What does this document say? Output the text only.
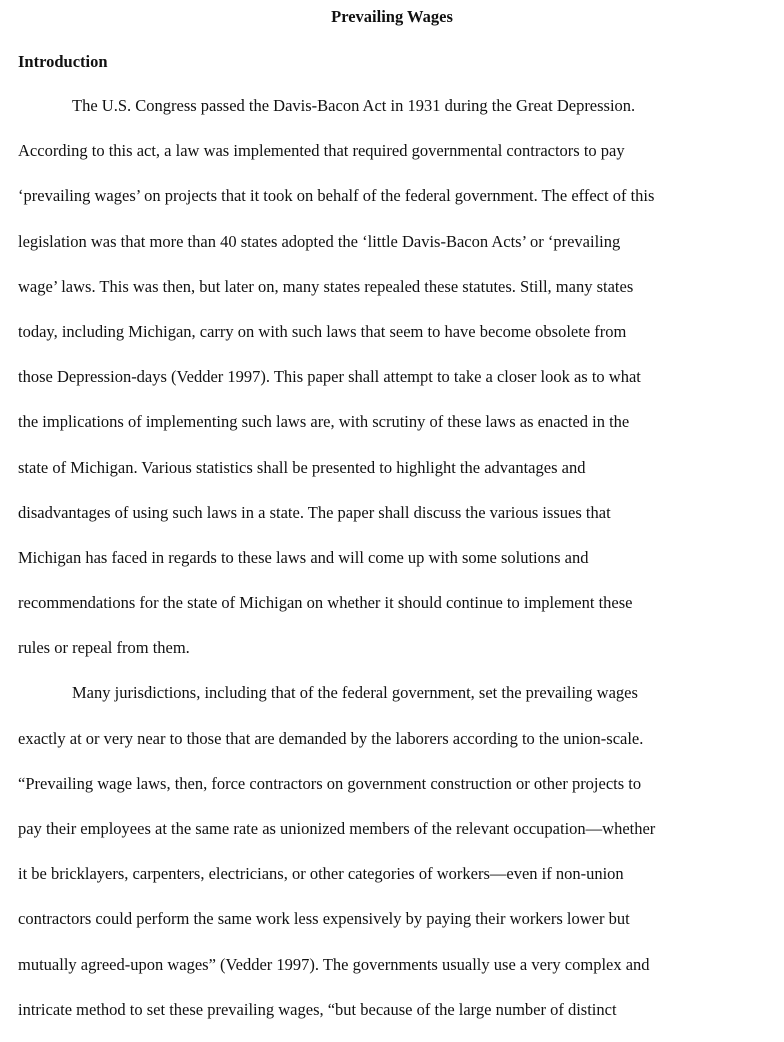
Prevailing Wages
Introduction
The U.S. Congress passed the Davis-Bacon Act in 1931 during the Great Depression.
According to this act, a law was implemented that required governmental contractors to pay
‘prevailing wages’ on projects that it took on behalf of the federal government. The effect of this
legislation was that more than 40 states adopted the ‘little Davis-Bacon Acts’ or ‘prevailing
wage’ laws. This was then, but later on, many states repealed these statutes. Still, many states
today, including Michigan, carry on with such laws that seem to have become obsolete from
those Depression-days (Vedder 1997). This paper shall attempt to take a closer look as to what
the implications of implementing such laws are, with scrutiny of these laws as enacted in the
state of Michigan. Various statistics shall be presented to highlight the advantages and
disadvantages of using such laws in a state. The paper shall discuss the various issues that
Michigan has faced in regards to these laws and will come up with some solutions and
recommendations for the state of Michigan on whether it should continue to implement these
rules or repeal from them.
Many jurisdictions, including that of the federal government, set the prevailing wages
exactly at or very near to those that are demanded by the laborers according to the union-scale.
“Prevailing wage laws, then, force contractors on government construction or other projects to
pay their employees at the same rate as unionized members of the relevant occupation—whether
it be bricklayers, carpenters, electricians, or other categories of workers—even if non-union
contractors could perform the same work less expensively by paying their workers lower but
mutually agreed-upon wages” (Vedder 1997). The governments usually use a very complex and
intricate method to set these prevailing wages, “but because of the large number of distinct
